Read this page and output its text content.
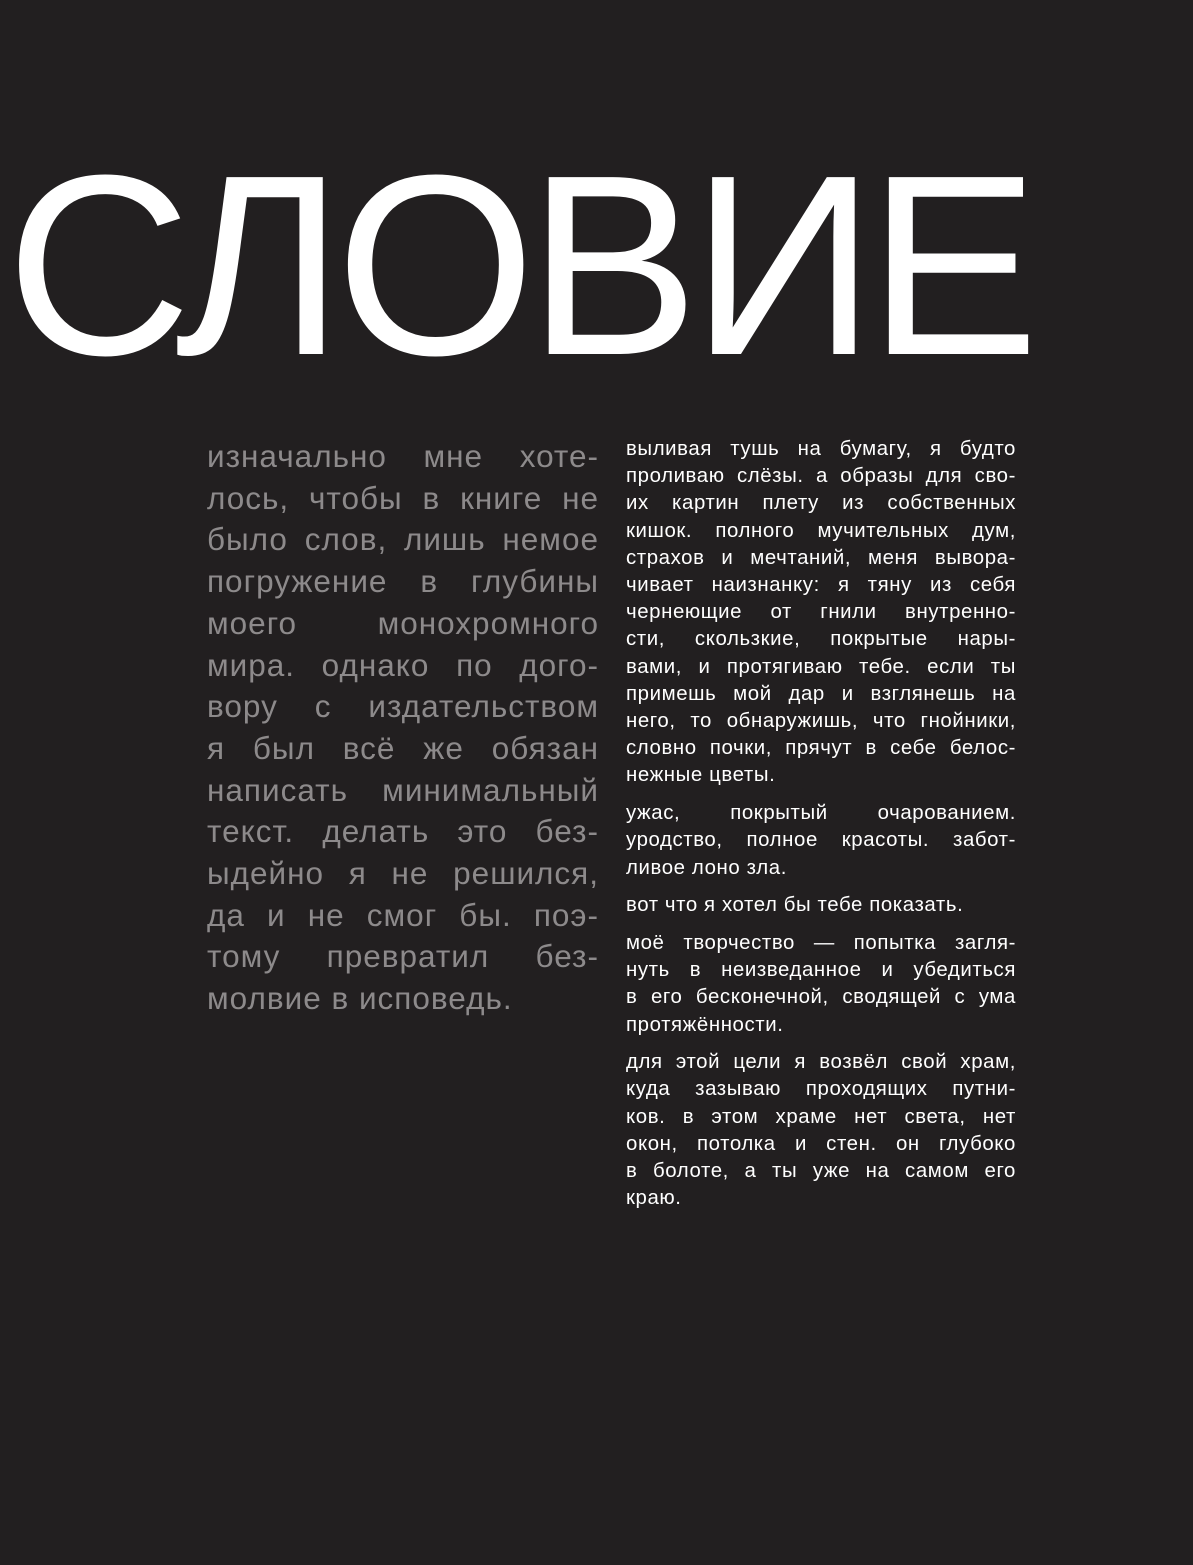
СЛОВИЕ
изначально мне хоте-
лось, чтобы в книге не
было слов, лишь немое
погружение в глубины
моего монохромного
мира. однако по дого-
вору с издательством
я был всё же обязан
написать минимальный
текст. делать это без-
ыдейно я не решился,
да и не смог бы. поэ-
тому превратил без-
молвие в исповедь.

выливая тушь на бумагу, я будто
проливаю слёзы. а образы для сво-
их картин плету из собственных
кишок. полного мучительных дум,
страхов и мечтаний, меня вывора-
чивает наизнанку: я тяну из себя
чернеющие от гнили внутренно-
сти, скользкие, покрытые нары-
вами, и протягиваю тебе. если ты
примешь мой дар и взглянешь на
него, то обнаружишь, что гнойники,
словно почки, прячут в себе белос-
нежные цветы.

ужас, покрытый очарованием.
уродство, полное красоты. забот-
ливое лоно зла.

вот что я хотел бы тебе показать.

моё творчество — попытка загля-
нуть в неизведанное и убедиться
в его бесконечной, сводящей с ума
протяжённости.

для этой цели я возвёл свой храм,
куда зазываю проходящих путни-
ков. в этом храме нет света, нет
окон, потолка и стен. он глубоко
в болоте, а ты уже на самом его
краю.
